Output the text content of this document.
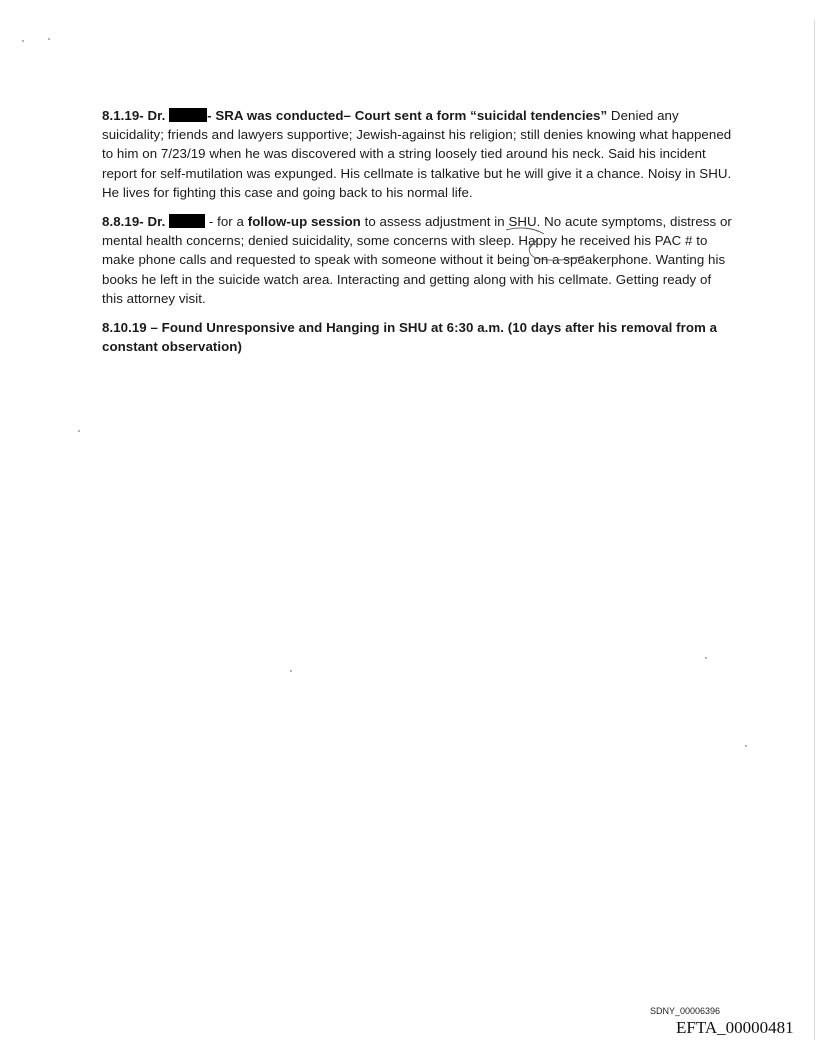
8.1.19- Dr.	- SRA was conducted– Court sent a form “suicidal tendencies” Denied any suicidality; friends and lawyers supportive; Jewish-against his religion; still denies knowing what happened to him on 7/23/19 when he was discovered with a string loosely tied around his neck. Said his incident report for self-mutilation was expunged. His cellmate is talkative but he will give it a chance. Noisy in SHU. He lives for fighting this case and going back to his normal life.

8.8.19- Dr.	- for a follow-up session to assess adjustment in SHU. No acute symptoms, distress or mental health concerns; denied suicidality, some concerns with sleep. Happy he received his PAC # to make phone calls and requested to speak with someone without it being on a speakerphone. Wanting his books he left in the suicide watch area. Interacting and getting along with his cellmate. Getting ready of this attorney visit.

8.10.19 – Found Unresponsive and Hanging in SHU at 6:30 a.m. (10 days after his removal from a constant observation)

SDNY_00006396
EFTA_00000481
